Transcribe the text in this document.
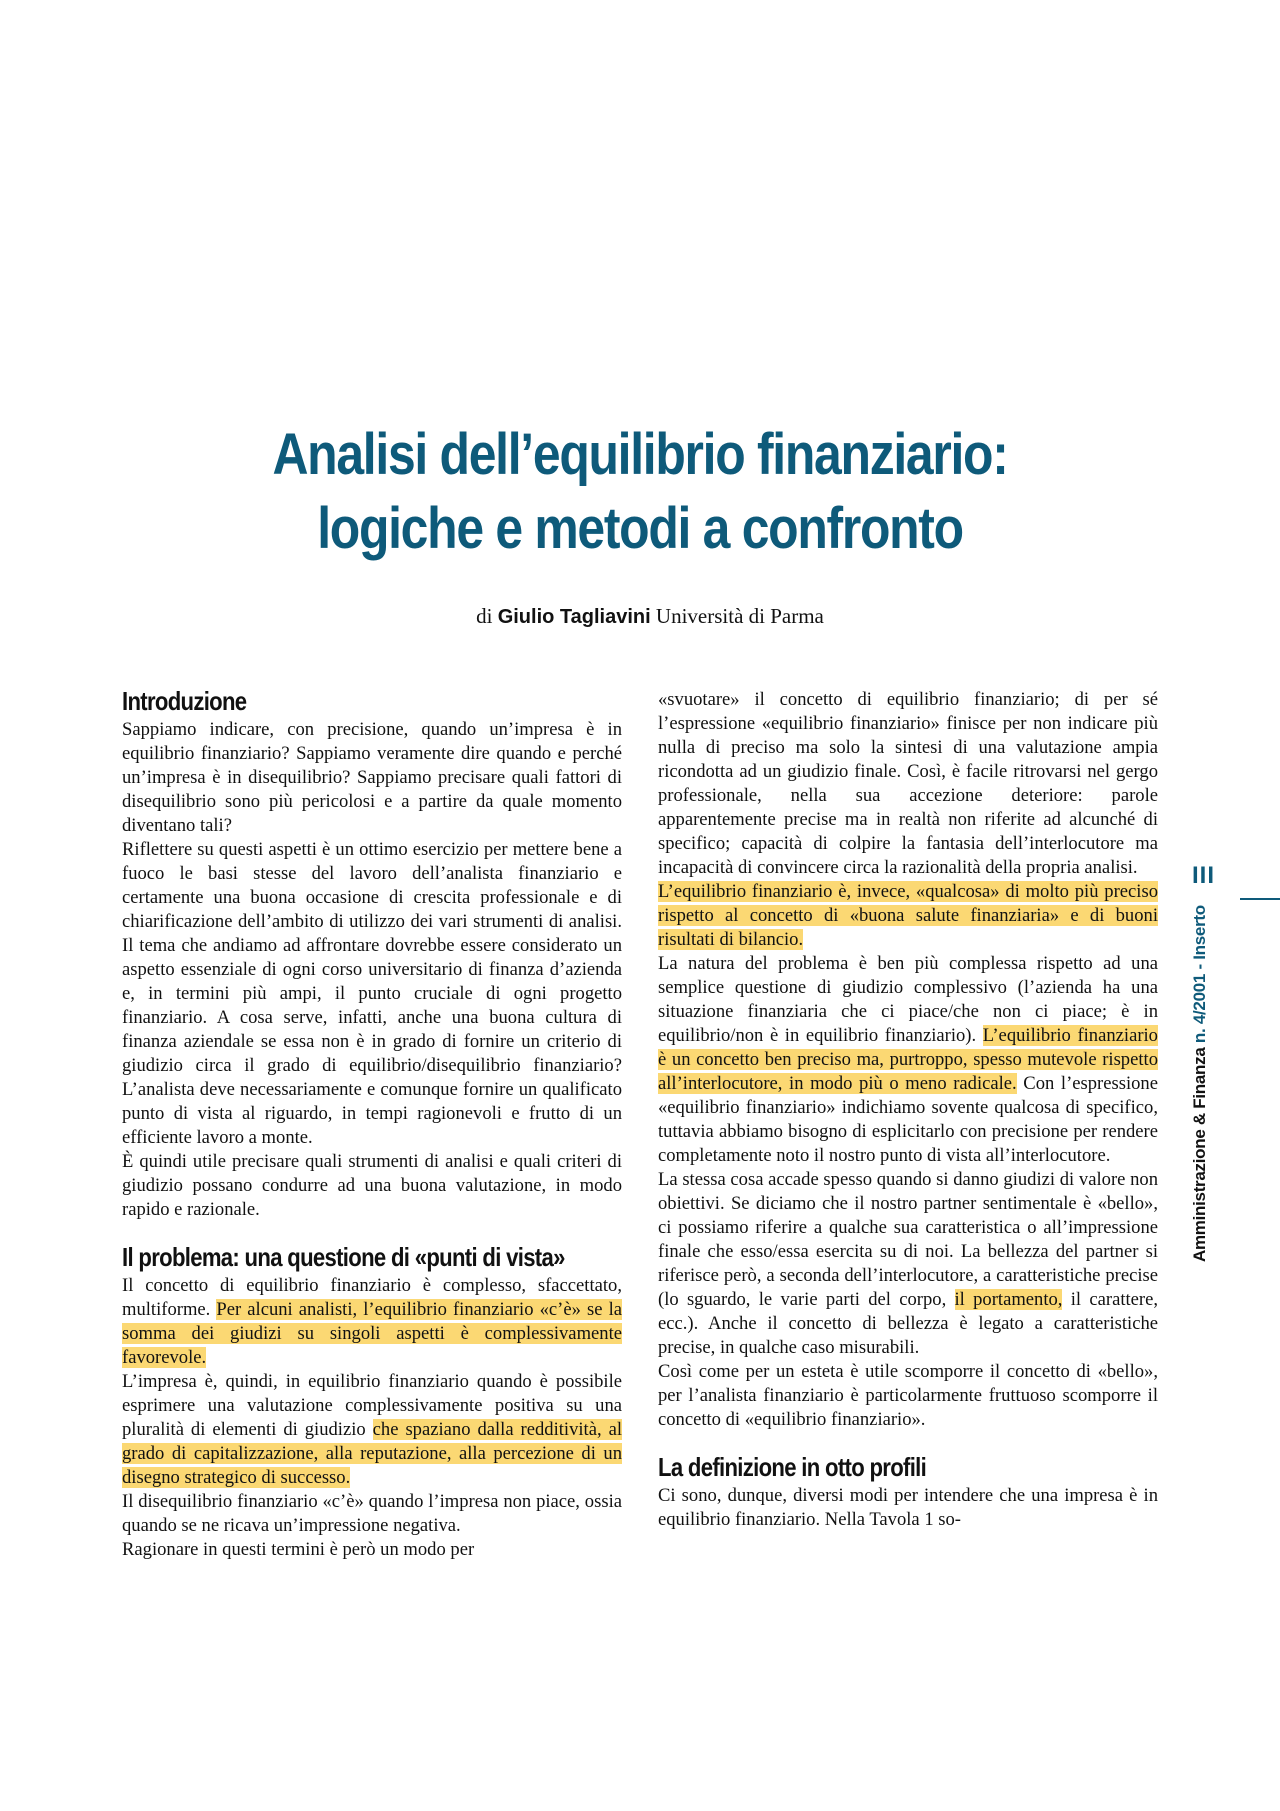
Analisi dell’equilibrio finanziario:
logiche e metodi a confronto
di Giulio Tagliavini Università di Parma
Introduzione

Sappiamo indicare, con precisione, quando un’impresa è in equilibrio finanziario? Sappiamo veramente dire quando e perché un’impresa è in disequilibrio? Sappiamo precisare quali fattori di disequilibrio sono più pericolosi e a partire da quale momento diventano tali?

Riflettere su questi aspetti è un ottimo esercizio per mettere bene a fuoco le basi stesse del lavoro dell’analista finanziario e certamente una buona occasione di crescita professionale e di chiarificazione dell’ambito di utilizzo dei vari strumenti di analisi. Il tema che andiamo ad affrontare dovrebbe essere considerato un aspetto essenziale di ogni corso universitario di finanza d’azienda e, in termini più ampi, il punto cruciale di ogni progetto finanziario. A cosa serve, infatti, anche una buona cultura di finanza aziendale se essa non è in grado di fornire un criterio di giudizio circa il grado di equilibrio/disequilibrio finanziario? L’analista deve necessariamente e comunque fornire un qualificato punto di vista al riguardo, in tempi ragionevoli e frutto di un efficiente lavoro a monte.

È quindi utile precisare quali strumenti di analisi e quali criteri di giudizio possano condurre ad una buona valutazione, in modo rapido e razionale.

Il problema: una questione di «punti di vista»

Il concetto di equilibrio finanziario è complesso, sfaccettato, multiforme. Per alcuni analisti, l’equilibrio finanziario «c’è» se la somma dei giudizi su singoli aspetti è complessivamente favorevole.

L’impresa è, quindi, in equilibrio finanziario quando è possibile esprimere una valutazione complessivamente positiva su una pluralità di elementi di giudizio che spaziano dalla redditività, al grado di capitalizzazione, alla reputazione, alla percezione di un disegno strategico di successo.

Il disequilibrio finanziario «c’è» quando l’impresa non piace, ossia quando se ne ricava un’impressione negativa.

Ragionare in questi termini è però un modo per

«svuotare» il concetto di equilibrio finanziario; di per sé l’espressione «equilibrio finanziario» finisce per non indicare più nulla di preciso ma solo la sintesi di una valutazione ampia ricondotta ad un giudizio finale. Così, è facile ritrovarsi nel gergo professionale, nella sua accezione deteriore: parole apparentemente precise ma in realtà non riferite ad alcunché di specifico; capacità di colpire la fantasia dell’interlocutore ma incapacità di convincere circa la razionalità della propria analisi.

L’equilibrio finanziario è, invece, «qualcosa» di molto più preciso rispetto al concetto di «buona salute finanziaria» e di buoni risultati di bilancio.

La natura del problema è ben più complessa rispetto ad una semplice questione di giudizio complessivo (l’azienda ha una situazione finanziaria che ci piace/che non ci piace; è in equilibrio/non è in equilibrio finanziario). L’equilibrio finanziario è un concetto ben preciso ma, purtroppo, spesso mutevole rispetto all’interlocutore, in modo più o meno radicale. Con l’espressione «equilibrio finanziario» indichiamo sovente qualcosa di specifico, tuttavia abbiamo bisogno di esplicitarlo con precisione per rendere completamente noto il nostro punto di vista all’interlocutore.

La stessa cosa accade spesso quando si danno giudizi di valore non obiettivi. Se diciamo che il nostro partner sentimentale è «bello», ci possiamo riferire a qualche sua caratteristica o all’impressione finale che esso/essa esercita su di noi. La bellezza del partner si riferisce però, a seconda dell’interlocutore, a caratteristiche precise (lo sguardo, le varie parti del corpo, il portamento, il carattere, ecc.). Anche il concetto di bellezza è legato a caratteristiche precise, in qualche caso misurabili.

Così come per un esteta è utile scomporre il concetto di «bello», per l’analista finanziario è particolarmente fruttuoso scomporre il concetto di «equilibrio finanziario».

La definizione in otto profili

Ci sono, dunque, diversi modi per intendere che una impresa è in equilibrio finanziario. Nella Tavola 1 so-

III
Amministrazione & Finanza n. 4/2001 - Inserto
